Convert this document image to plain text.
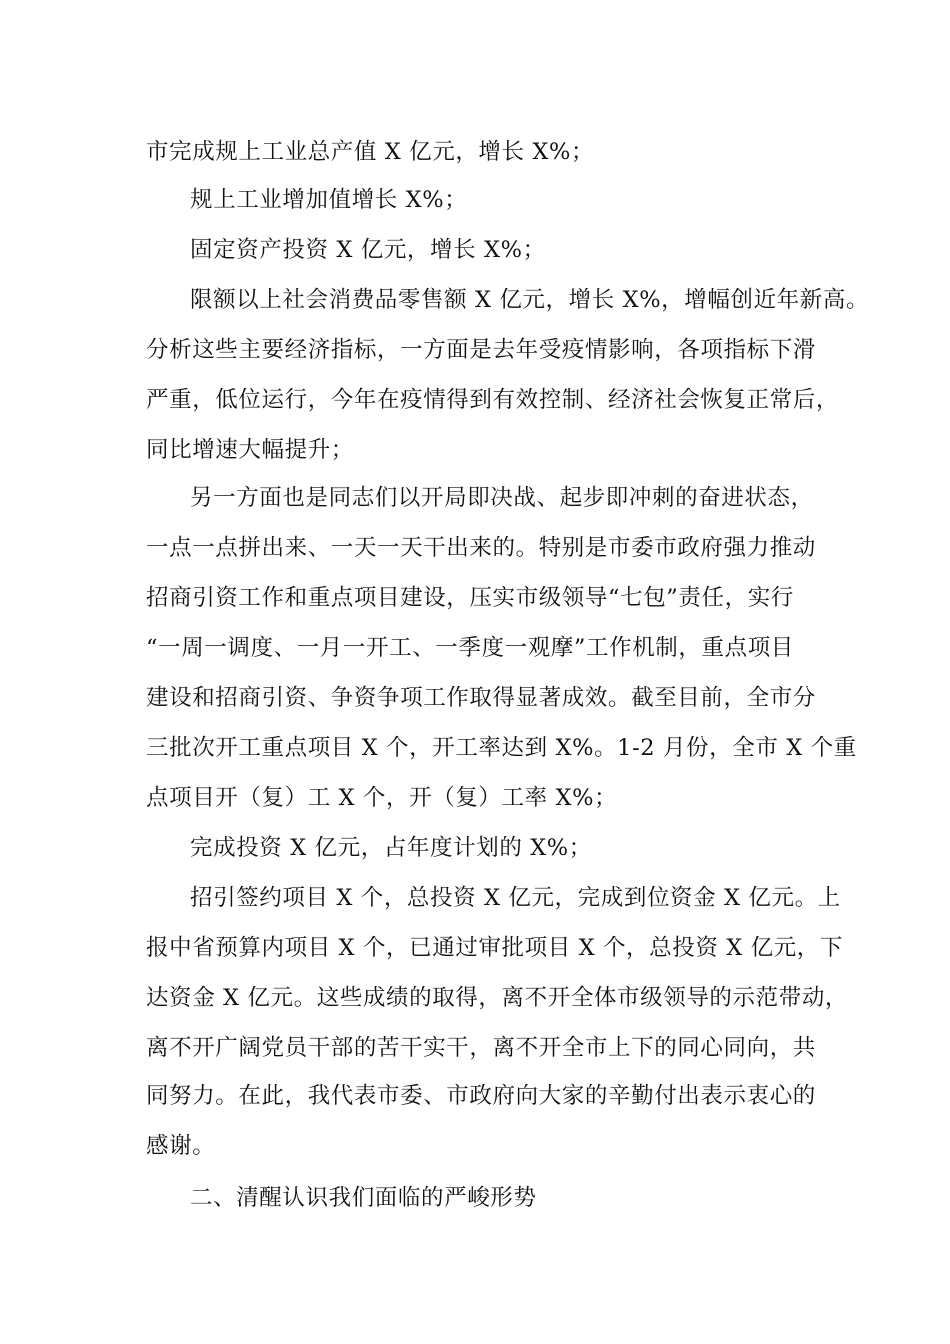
市完成规上工业总产值 X 亿元，增长 X%；
规上工业增加值增长 X%；
固定资产投资 X 亿元，增长 X%；
限额以上社会消费品零售额 X 亿元，增长 X%，增幅创近年新高。
分析这些主要经济指标，一方面是去年受疫情影响，各项指标下滑
严重，低位运行，今年在疫情得到有效控制、经济社会恢复正常后，
同比增速大幅提升；
另一方面也是同志们以开局即决战、起步即冲刺的奋进状态，
一点一点拼出来、一天一天干出来的。特别是市委市政府强力推动
招商引资工作和重点项目建设，压实市级领导“七包”责任，实行
“一周一调度、一月一开工、一季度一观摩”工作机制，重点项目
建设和招商引资、争资争项工作取得显著成效。截至目前，全市分
三批次开工重点项目 X 个，开工率达到 X%。1-2 月份，全市 X 个重
点项目开（复）工 X 个，开（复）工率 X%；
完成投资 X 亿元，占年度计划的 X%；
招引签约项目 X 个，总投资 X 亿元，完成到位资金 X 亿元。上
报中省预算内项目 X 个，已通过审批项目 X 个，总投资 X 亿元，下
达资金 X 亿元。这些成绩的取得，离不开全体市级领导的示范带动，
离不开广阔党员干部的苦干实干，离不开全市上下的同心同向，共
同努力。在此，我代表市委、市政府向大家的辛勤付出表示衷心的
感谢。
二、清醒认识我们面临的严峻形势
